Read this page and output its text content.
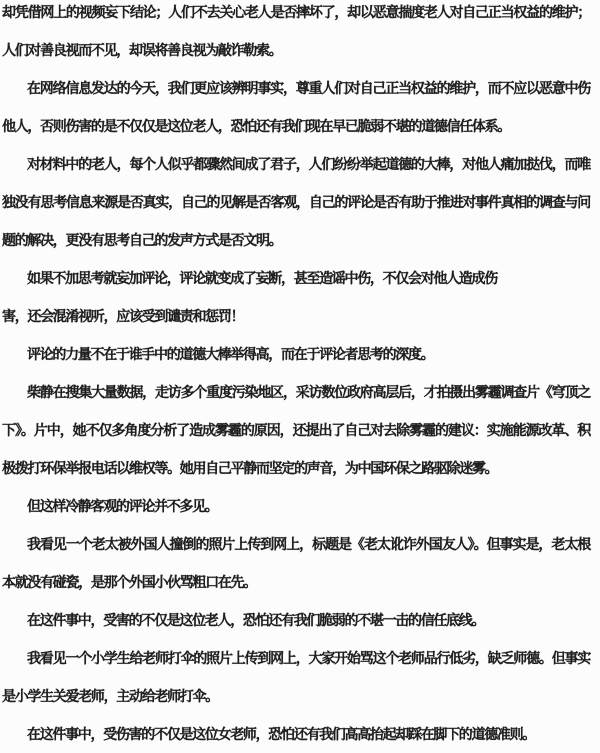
却凭借网上的视频妄下结论；人们不去关心老人是否摔坏了，却以恶意揣度老人对自己正当权益的维护；
人们对善良视而不见，却误将善良视为敲诈勒索。
在网络信息发达的今天，我们更应该辨明事实，尊重人们对自己正当权益的维护，而不应以恶意中伤
他人，否则伤害的是不仅仅是这位老人，恐怕还有我们现在早已脆弱不堪的道德信任体系。
对材料中的老人，每个人似乎都骤然间成了君子，人们纷纷举起道德的大棒，对他人痛加挞伐，而唯
独没有思考信息来源是否真实，自己的见解是否客观，自己的评论是否有助于推进对事件真相的调查与问
题的解决，更没有思考自己的发声方式是否文明。
如果不加思考就妄加评论，评论就变成了妄断，甚至造谣中伤，不仅会对他人造成伤
害，还会混淆视听，应该受到谴责和惩罚！
评论的力量不在于谁手中的道德大棒举得高，而在于评论者思考的深度。
柴静在搜集大量数据，走访多个重度污染地区，采访数位政府高层后，才拍摄出雾霾调查片《穹顶之
下》。片中，她不仅多角度分析了造成雾霾的原因，还提出了自己对去除雾霾的建议：实施能源改革、积
极拨打环保举报电话以维权等。她用自己平静而坚定的声音，为中国环保之路驱除迷雾。
但这样冷静客观的评论并不多见。
我看见一个老太被外国人撞倒的照片上传到网上，标题是《老太讹诈外国友人》。但事实是，老太根
本就没有碰瓷，是那个外国小伙骂粗口在先。
在这件事中，受害的不仅是这位老人，恐怕还有我们脆弱的不堪一击的信任底线。
我看见一个小学生给老师打伞的照片上传到网上，大家开始骂这个老师品行低劣，缺乏师德。但事实
是小学生关爱老师，主动给老师打伞。
在这件事中，受伤害的不仅是这位女老师，恐怕还有我们高高抬起却踩在脚下的道德准则。
